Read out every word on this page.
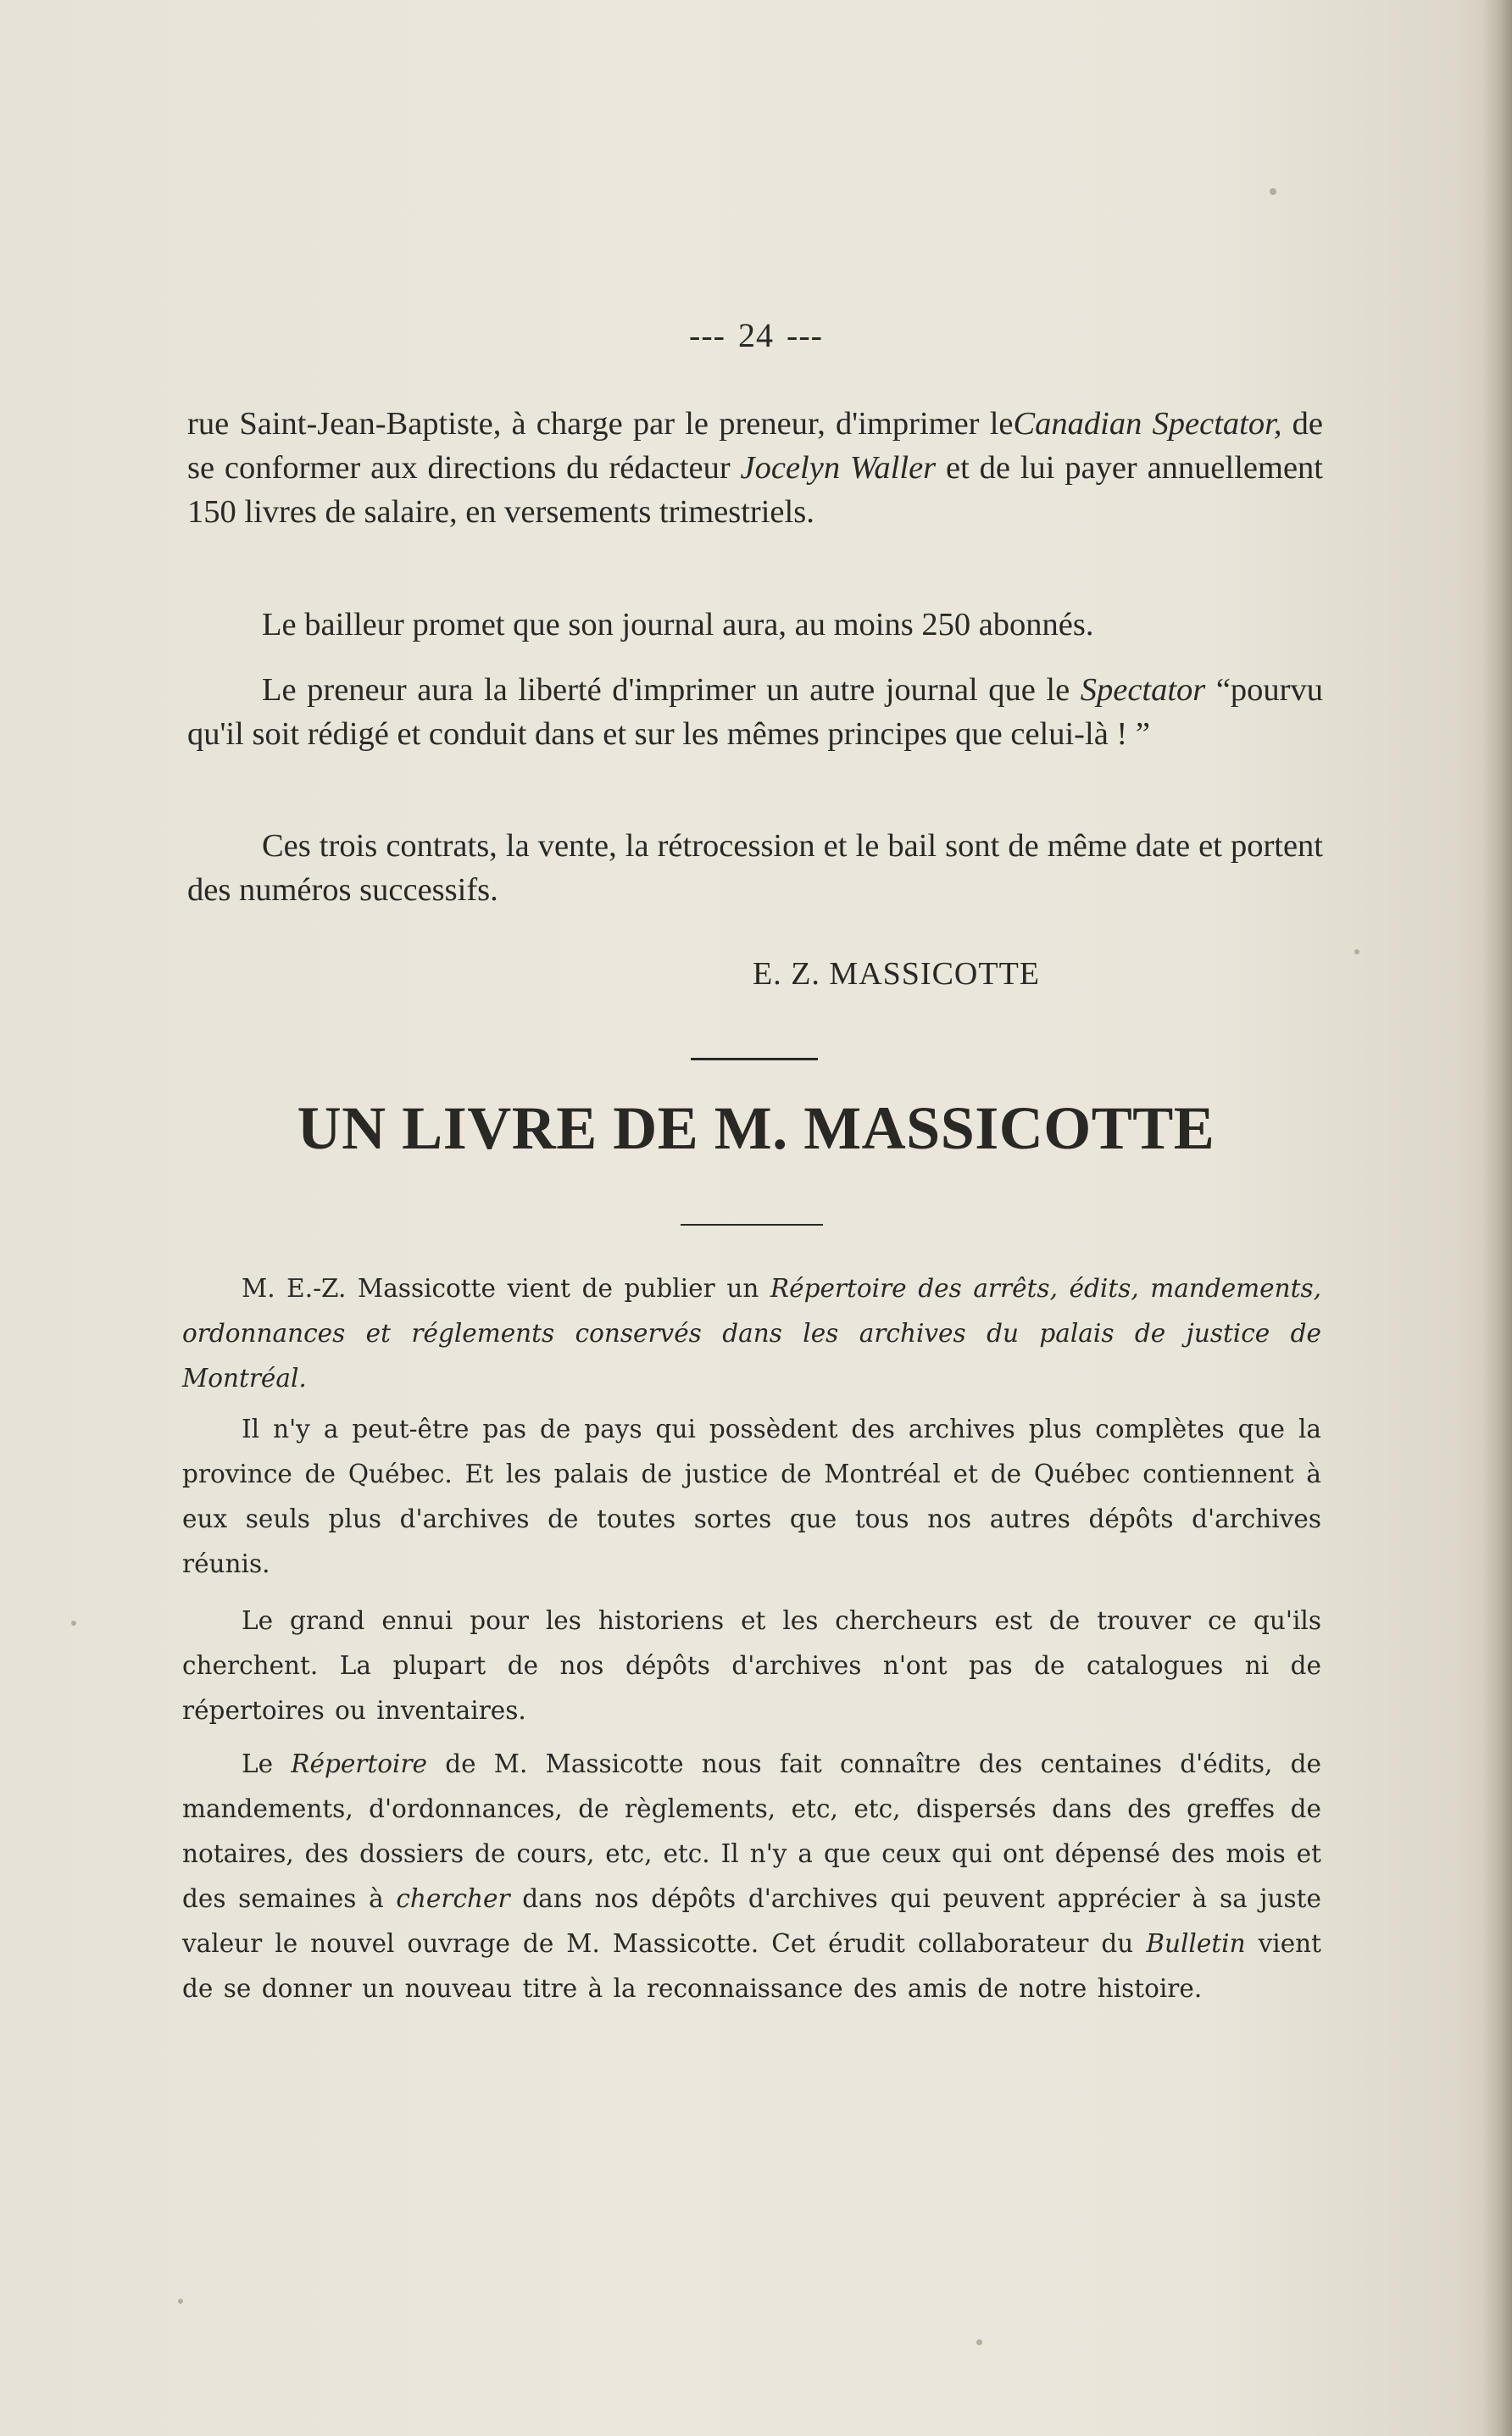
--- 24 ---

rue Saint-Jean-Baptiste, à charge par le preneur, d'imprimer leCanadian Spectator, de se conformer aux directions du rédacteur Jocelyn Waller et de lui payer annuellement 150 livres de salaire, en versements trimestriels.

Le bailleur promet que son journal aura, au moins 250 abonnés.

Le preneur aura la liberté d'imprimer un autre journal que le Spectator “pourvu qu'il soit rédigé et conduit dans et sur les mêmes principes que celui-là ! ”

Ces trois contrats, la vente, la rétrocession et le bail sont de même date et portent des numéros successifs.

E. Z. MASSICOTTE
UN LIVRE DE M. MASSICOTTE

M. E.-Z. Massicotte vient de publier un Répertoire des arrêts, édits, mandements, ordonnances et réglements conservés dans les archives du palais de justice de Montréal.

Il n'y a peut-être pas de pays qui possèdent des archives plus complètes que la province de Québec. Et les palais de justice de Montréal et de Québec contiennent à eux seuls plus d'archives de toutes sortes que tous nos autres dépôts d'archives réunis.

Le grand ennui pour les historiens et les chercheurs est de trouver ce qu'ils cherchent. La plupart de nos dépôts d'archives n'ont pas de catalogues ni de répertoires ou inventaires.

Le Répertoire de M. Massicotte nous fait connaître des centaines d'édits, de mandements, d'ordonnances, de règlements, etc, etc, dispersés dans des greffes de notaires, des dossiers de cours, etc, etc. Il n'y a que ceux qui ont dépensé des mois et des semaines à chercher dans nos dépôts d'archives qui peuvent apprécier à sa juste valeur le nouvel ouvrage de M. Massicotte. Cet érudit collaborateur du Bulletin vient de se donner un nouveau titre à la reconnaissance des amis de notre histoire.
